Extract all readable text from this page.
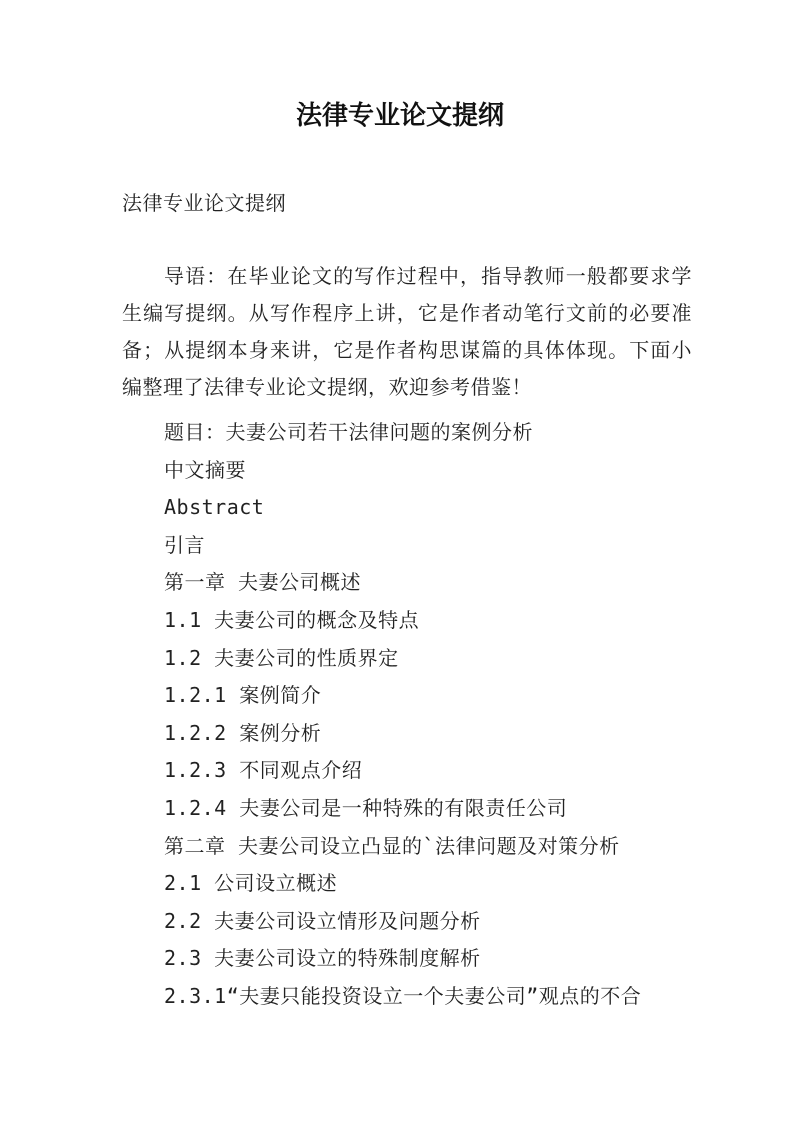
法律专业论文提纲

法律专业论文提纲

导语：在毕业论文的写作过程中，指导教师一般都要求学生编写提纲。从写作程序上讲，它是作者动笔行文前的必要准备；从提纲本身来讲，它是作者构思谋篇的具体体现。下面小编整理了法律专业论文提纲，欢迎参考借鉴！

题目：夫妻公司若干法律问题的案例分析
中文摘要
Abstract
引言
第一章 夫妻公司概述
1.1 夫妻公司的概念及特点
1.2 夫妻公司的性质界定
1.2.1 案例简介
1.2.2 案例分析
1.2.3 不同观点介绍
1.2.4 夫妻公司是一种特殊的有限责任公司
第二章 夫妻公司设立凸显的`法律问题及对策分析
2.1 公司设立概述
2.2 夫妻公司设立情形及问题分析
2.3 夫妻公司设立的特殊制度解析
2.3.1“夫妻只能投资设立一个夫妻公司”观点的不合
